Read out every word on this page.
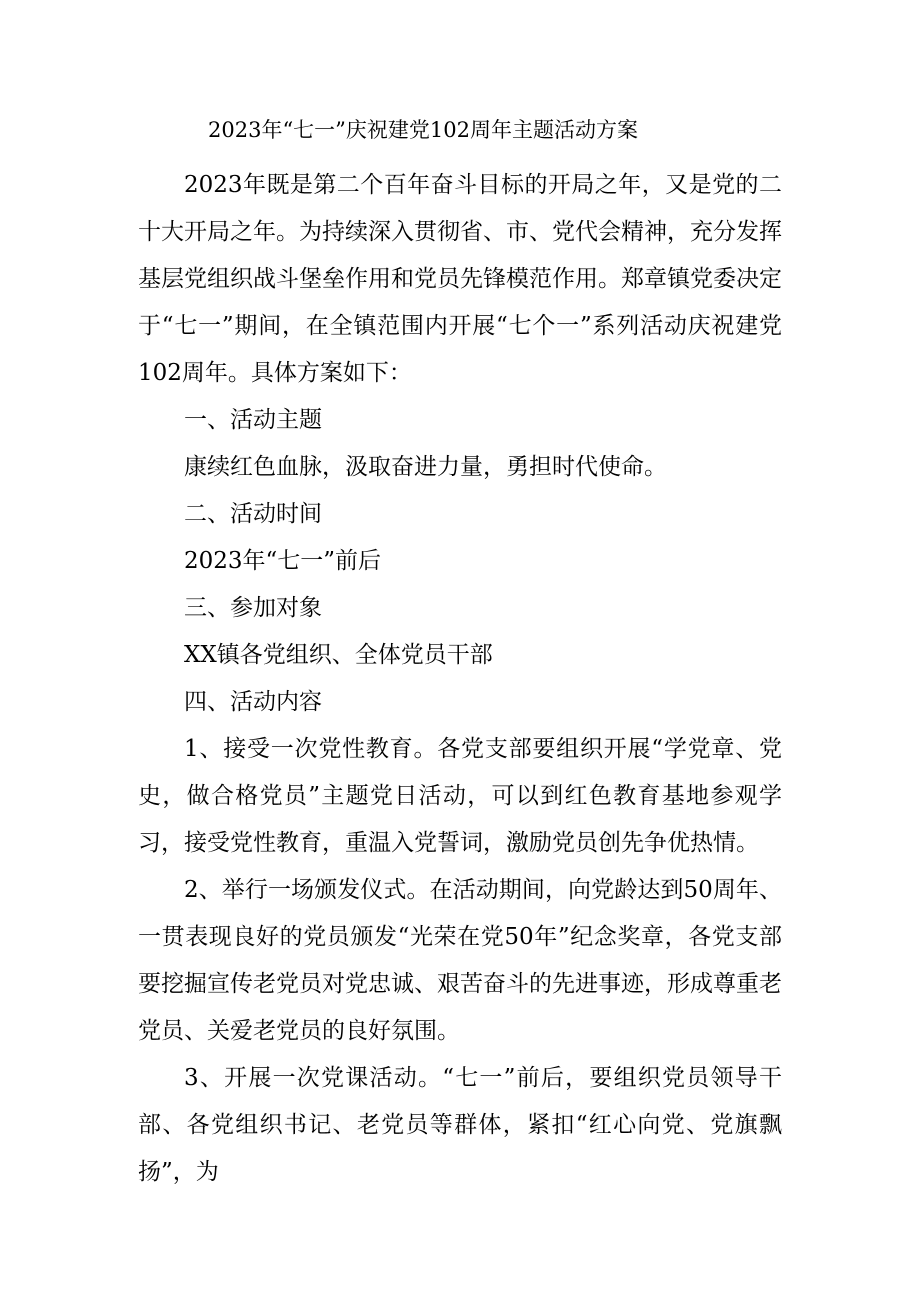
2023年“七一”庆祝建党102周年主题活动方案

2023年既是第二个百年奋斗目标的开局之年，又是党的二十大开局之年。为持续深入贯彻省、市、党代会精神，充分发挥基层党组织战斗堡垒作用和党员先锋模范作用。郑章镇党委决定于“七一”期间，在全镇范围内开展“七个一”系列活动庆祝建党102周年。具体方案如下：

一、活动主题

康续红色血脉，汲取奋进力量，勇担时代使命。

二、活动时间

2023年“七一”前后

三、参加对象

XX镇各党组织、全体党员干部

四、活动内容

1、接受一次党性教育。各党支部要组织开展“学党章、党史，做合格党员”主题党日活动，可以到红色教育基地参观学习，接受党性教育，重温入党誓词，激励党员创先争优热情。

2、举行一场颁发仪式。在活动期间，向党龄达到50周年、一贯表现良好的党员颁发“光荣在党50年”纪念奖章，各党支部要挖掘宣传老党员对党忠诚、艰苦奋斗的先进事迹，形成尊重老党员、关爱老党员的良好氛围。

3、开展一次党课活动。“七一”前后，要组织党员领导干部、各党组织书记、老党员等群体，紧扣“红心向党、党旗飘扬”，为
